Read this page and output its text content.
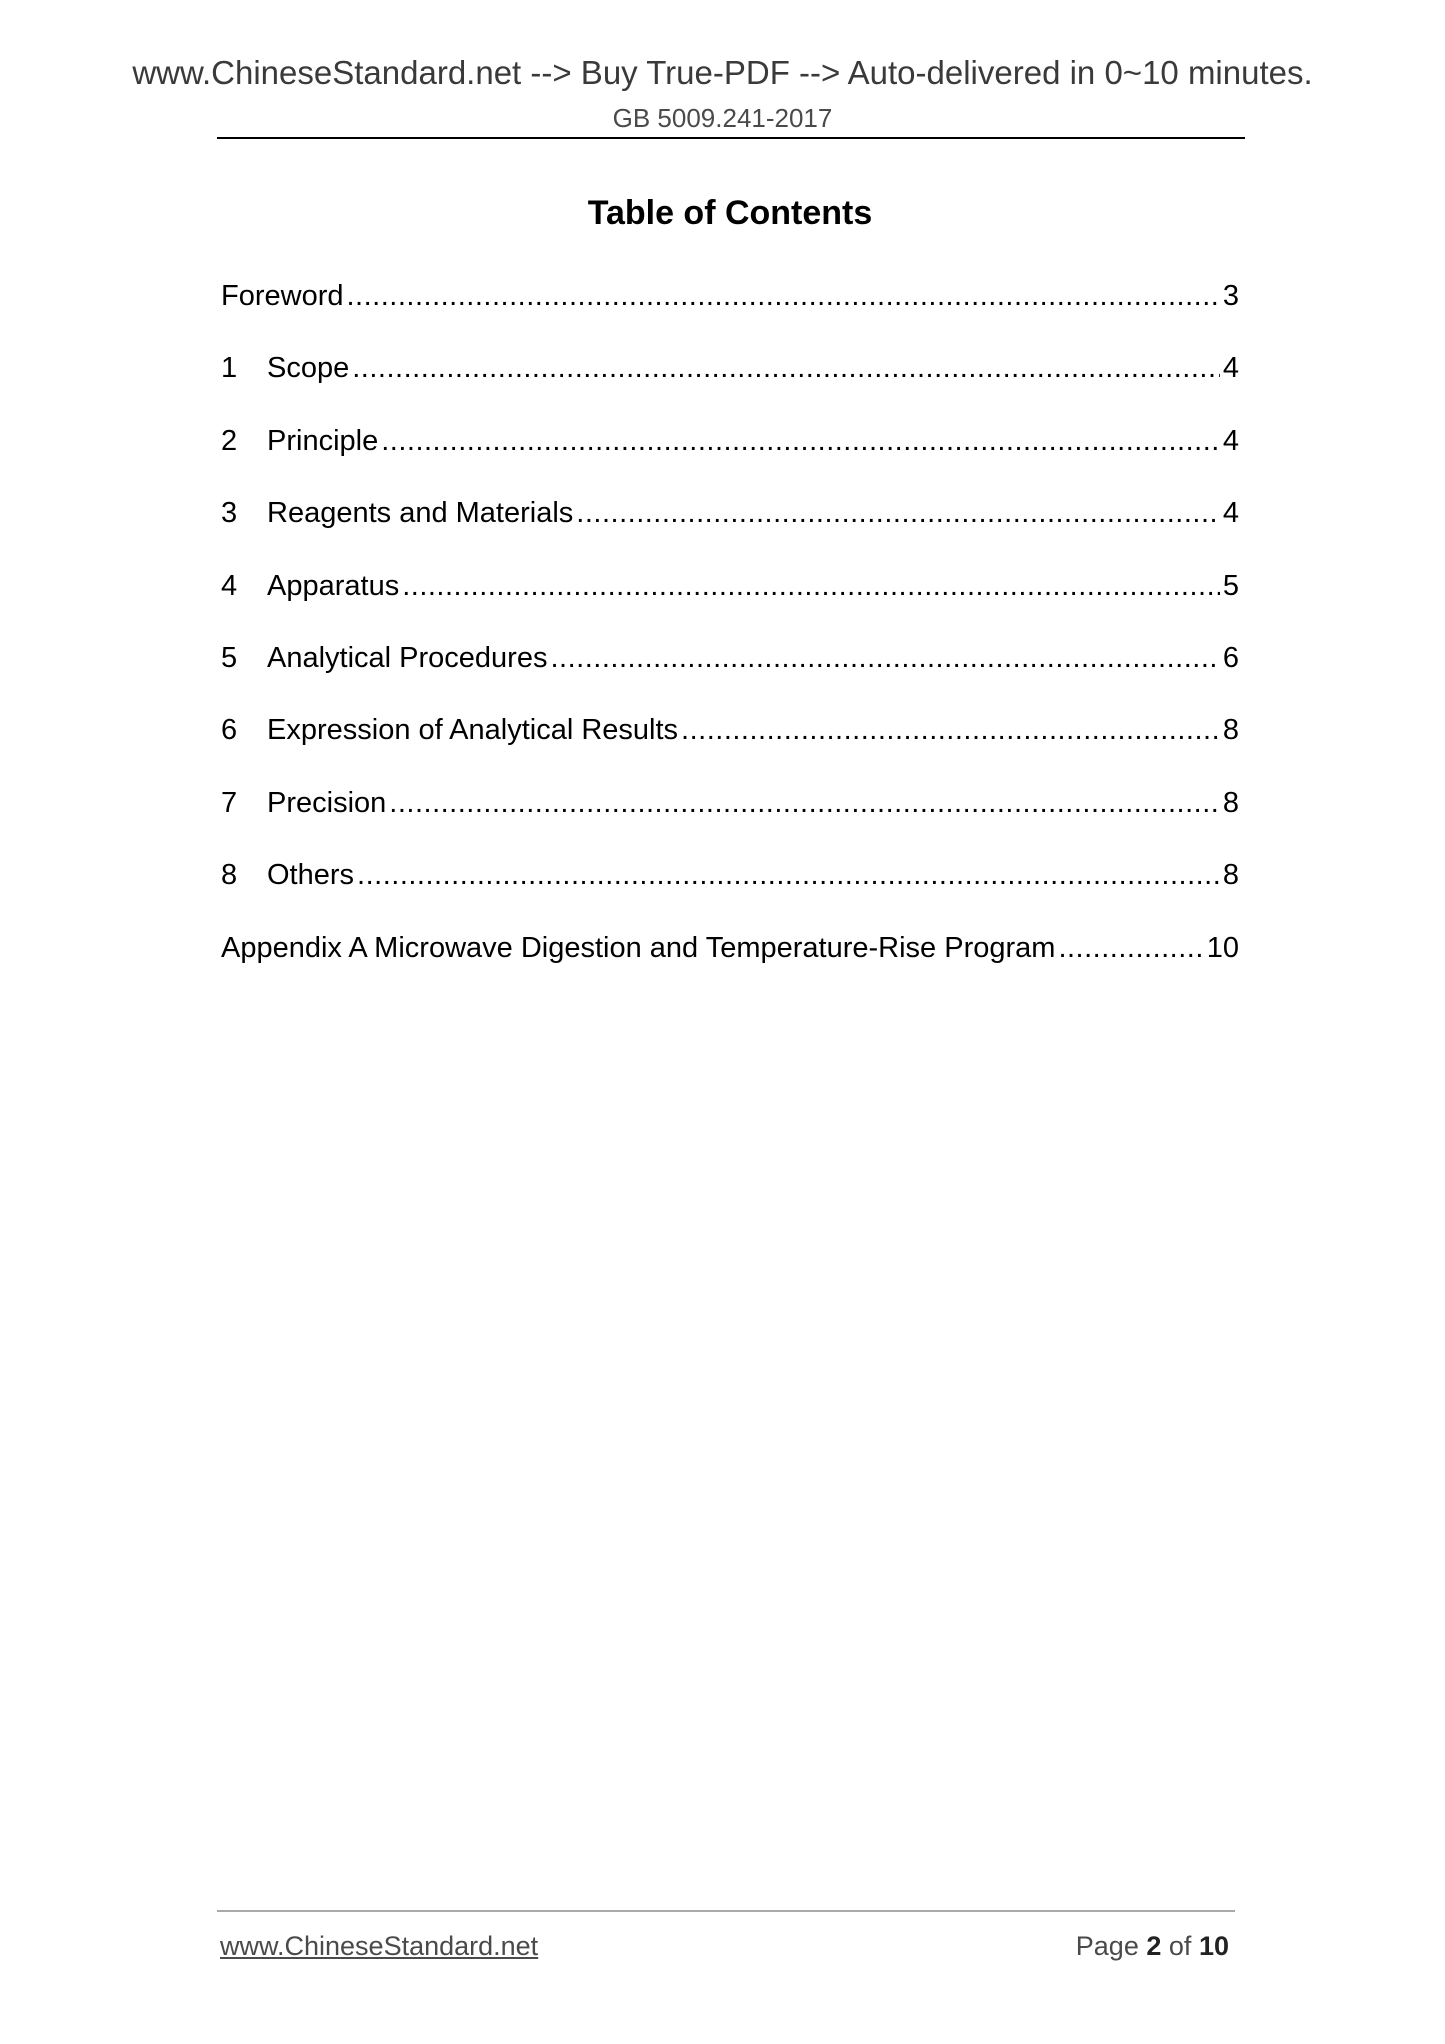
www.ChineseStandard.net --> Buy True-PDF --> Auto-delivered in 0~10 minutes.
GB 5009.241-2017
Table of Contents
Foreword .....	3
1	Scope .....	4
2	Principle .....	4
3	Reagents and Materials .....	4
4	Apparatus .....	5
5	Analytical Procedures .....	6
6	Expression of Analytical Results .....	8
7	Precision .....	8
8	Others .....	8
Appendix A Microwave Digestion and Temperature-Rise Program .....	10
www.ChineseStandard.net	Page 2 of 10
